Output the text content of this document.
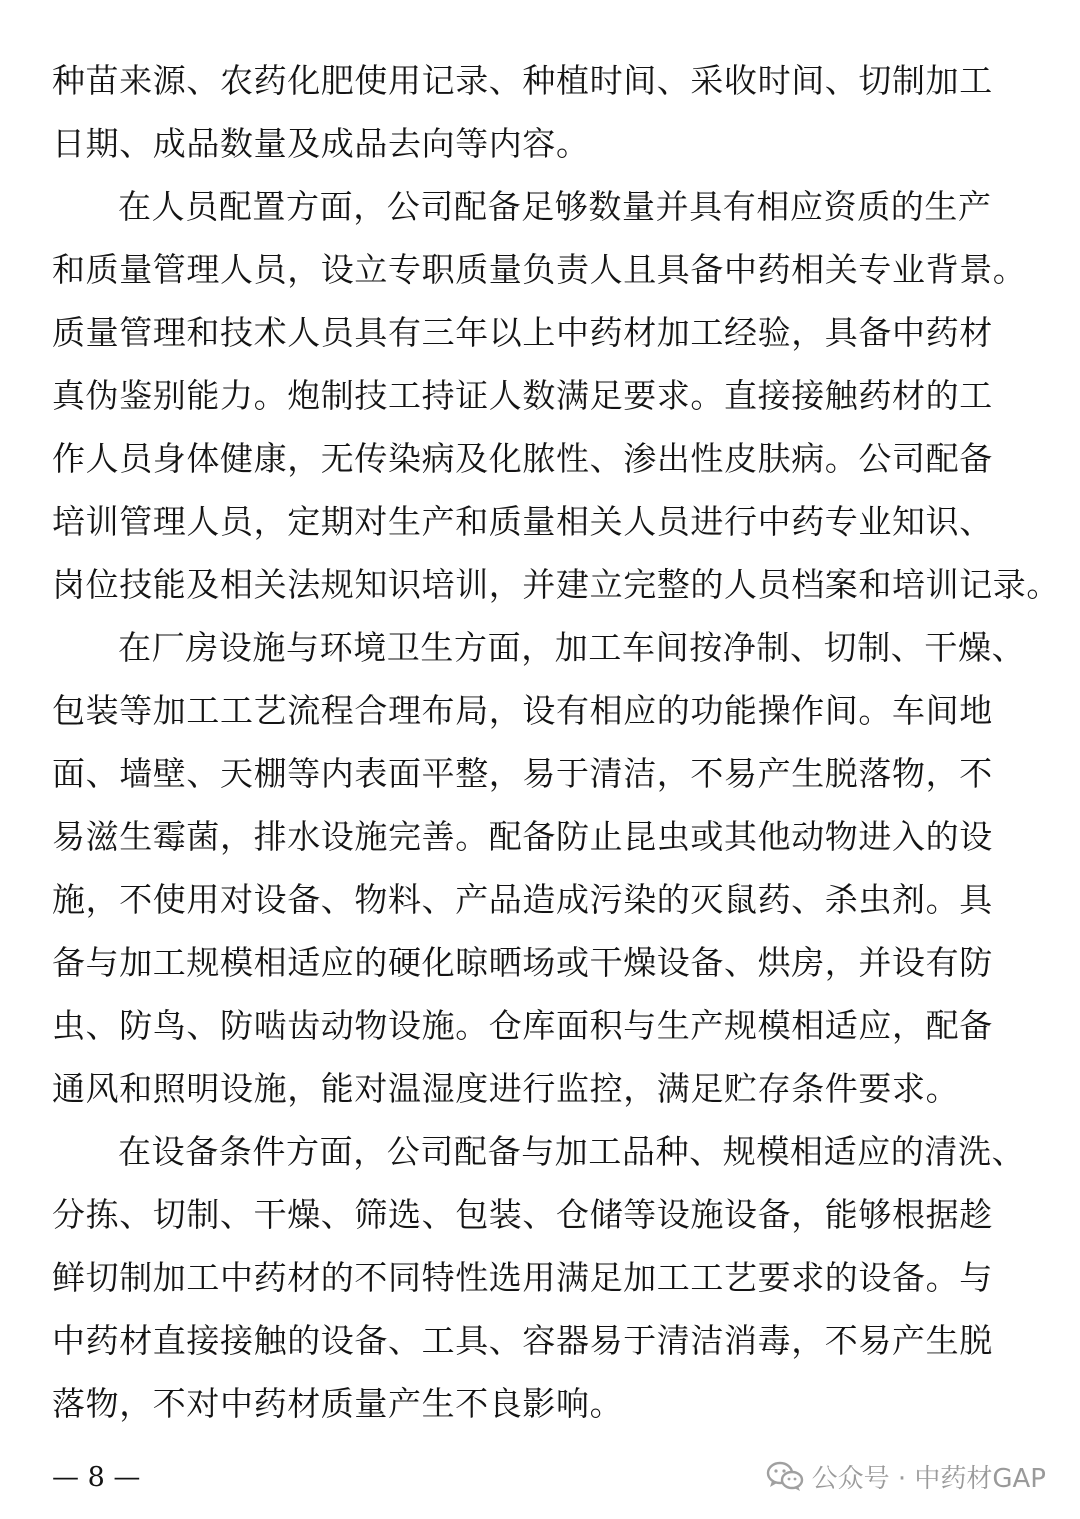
种苗来源、农药化肥使用记录、种植时间、采收时间、切制加工
日期、成品数量及成品去向等内容。
在人员配置方面，公司配备足够数量并具有相应资质的生产
和质量管理人员，设立专职质量负责人且具备中药相关专业背景。
质量管理和技术人员具有三年以上中药材加工经验，具备中药材
真伪鉴别能力。炮制技工持证人数满足要求。直接接触药材的工
作人员身体健康，无传染病及化脓性、渗出性皮肤病。公司配备
培训管理人员，定期对生产和质量相关人员进行中药专业知识、
岗位技能及相关法规知识培训，并建立完整的人员档案和培训记录。
在厂房设施与环境卫生方面，加工车间按净制、切制、干燥、
包装等加工工艺流程合理布局，设有相应的功能操作间。车间地
面、墙壁、天棚等内表面平整，易于清洁，不易产生脱落物，不
易滋生霉菌，排水设施完善。配备防止昆虫或其他动物进入的设
施，不使用对设备、物料、产品造成污染的灭鼠药、杀虫剂。具
备与加工规模相适应的硬化晾晒场或干燥设备、烘房，并设有防
虫、防鸟、防啮齿动物设施。仓库面积与生产规模相适应，配备
通风和照明设施，能对温湿度进行监控，满足贮存条件要求。
在设备条件方面，公司配备与加工品种、规模相适应的清洗、
分拣、切制、干燥、筛选、包装、仓储等设施设备，能够根据趁
鲜切制加工中药材的不同特性选用满足加工工艺要求的设备。与
中药材直接接触的设备、工具、容器易于清洁消毒，不易产生脱
落物，不对中药材质量产生不良影响。
— 8 —	公众号 · 中药材GAP
